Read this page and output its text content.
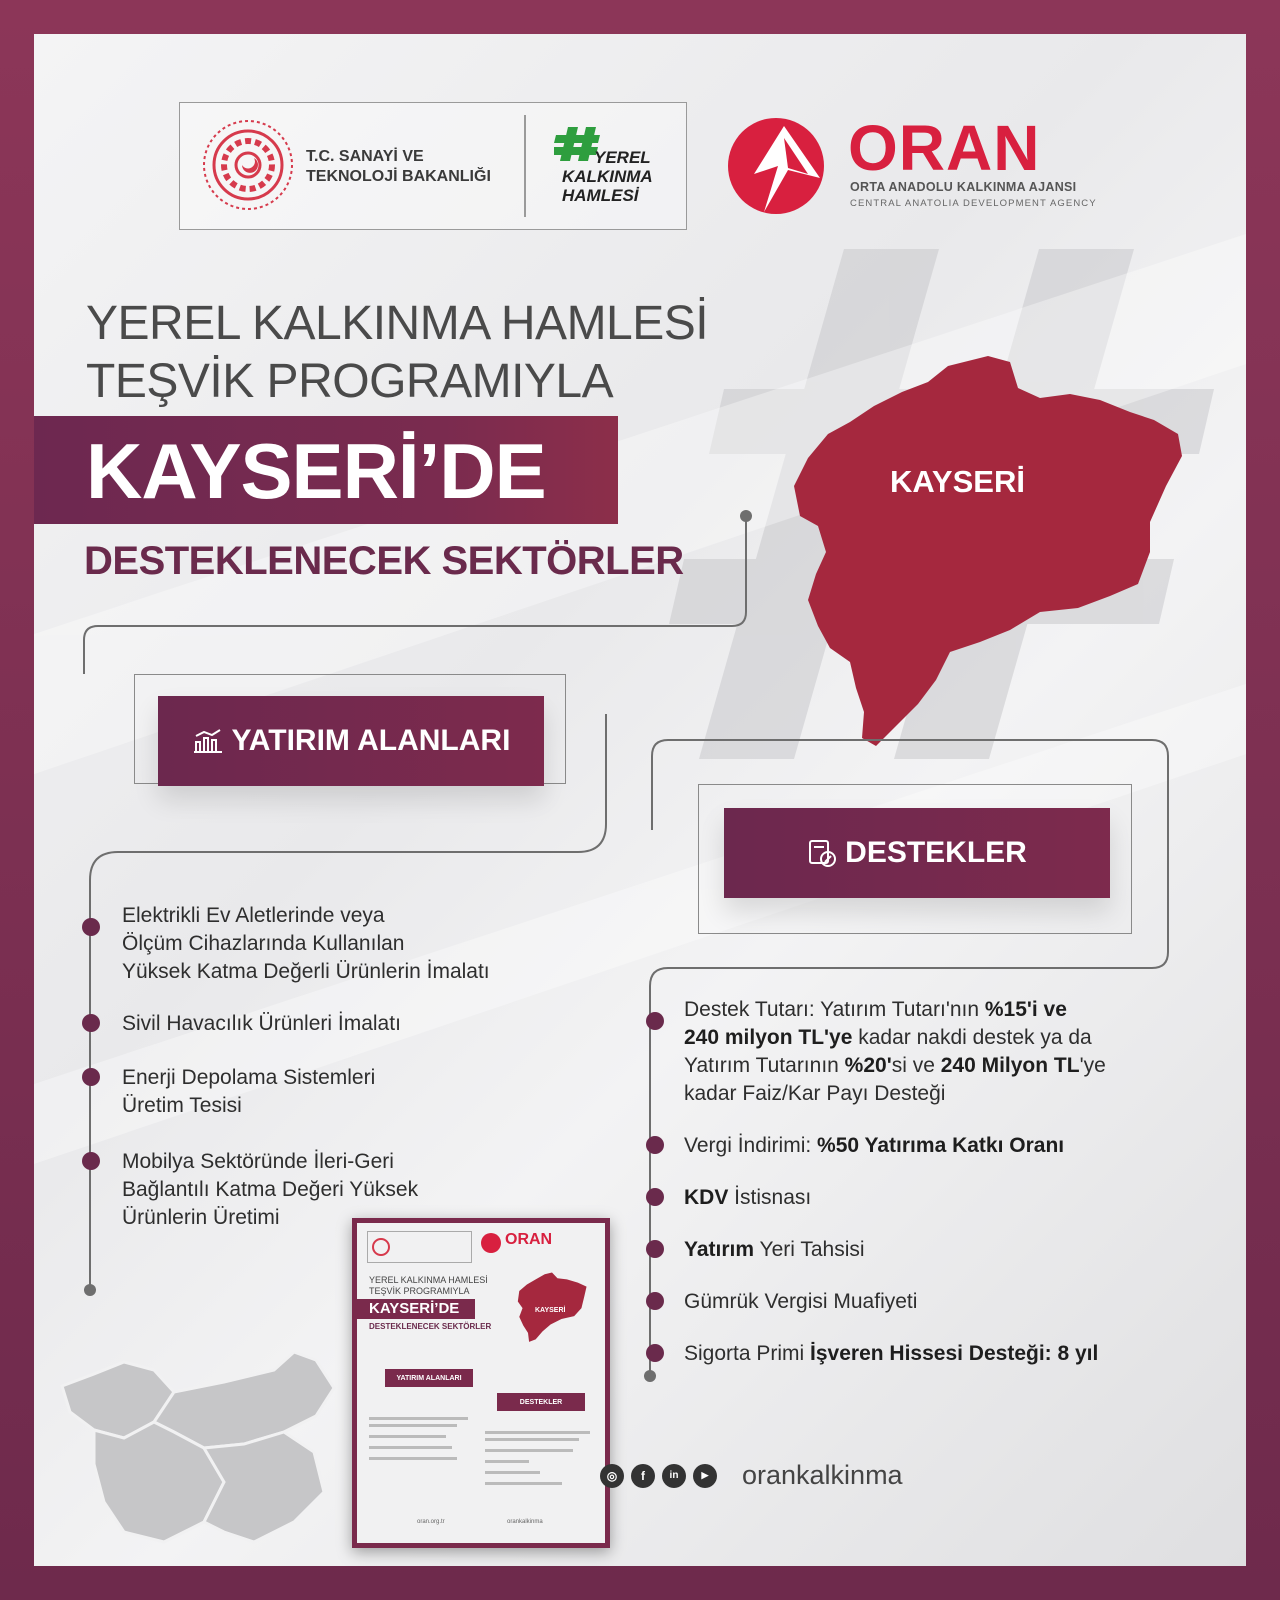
T.C. SANAYİ VE
TEKNOLOJİ BAKANLIĞI
YEREL
KALKINMA
HAMLESİ
ORAN
ORTA ANADOLU KALKINMA AJANSI
CENTRAL ANATOLIA DEVELOPMENT AGENCY
YEREL KALKINMA HAMLESİ
TEŞVİK PROGRAMIYLA
KAYSERİ’DE
DESTEKLENECEK SEKTÖRLER
KAYSERİ
YATIRIM ALANLARI
DESTEKLER
Elektrikli Ev Aletlerinde veya
Ölçüm Cihazlarında Kullanılan
Yüksek Katma Değerli Ürünlerin İmalatı
Sivil Havacılık Ürünleri İmalatı
Enerji Depolama Sistemleri
Üretim Tesisi
Mobilya Sektöründe İleri-Geri
Bağlantılı Katma Değeri Yüksek
Ürünlerin Üretimi
Destek Tutarı: Yatırım Tutarı'nın %15'i ve
240 milyon TL'ye kadar nakdi destek ya da
Yatırım Tutarının %20'si ve 240 Milyon TL'ye
kadar Faiz/Kar Payı Desteği
Vergi İndirimi: %50 Yatırıma Katkı Oranı
KDV İstisnası
Yatırım Yeri Tahsisi
Gümrük Vergisi Muafiyeti
Sigorta Primi İşveren Hissesi Desteği: 8 yıl
ORAN
YEREL KALKINMA HAMLESİ
TEŞVİK PROGRAMIYLA
KAYSERİ’DE
DESTEKLENECEK SEKTÖRLER
KAYSERİ
YATIRIM ALANLARI
DESTEKLER
oran.org.tr	orankalkinma
◎	f	in	▶	orankalkinma
